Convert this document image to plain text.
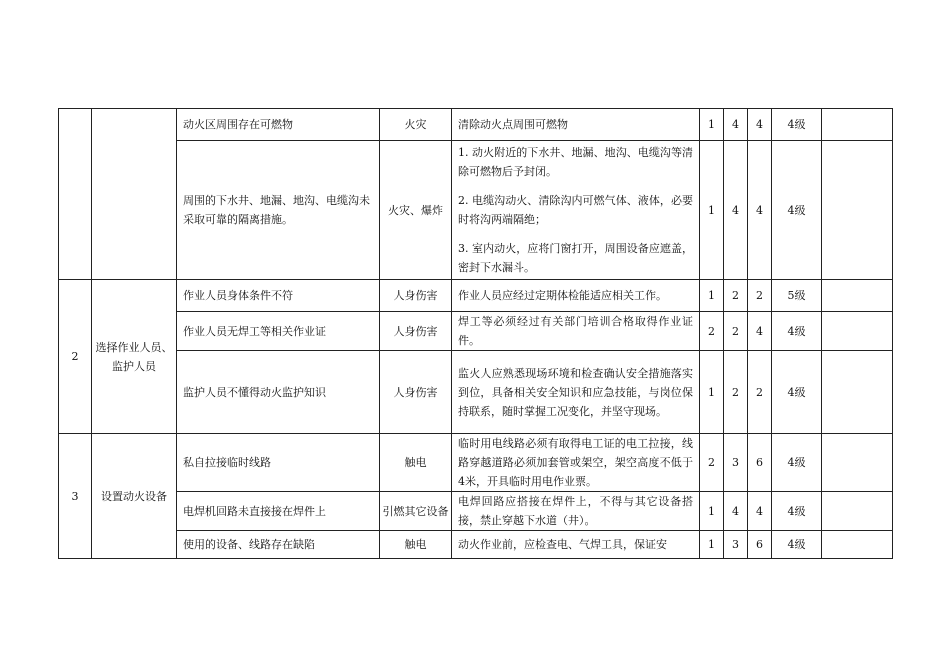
		动火区周围存在可燃物	火灾	清除动火点周围可燃物	1	4	4	4级	
		周围的下水井、地漏、地沟、电缆沟未采取可靠的隔离措施。	火灾、爆炸	1. 动火附近的下水井、地漏、地沟、电缆沟等清除可燃物后予封闭。
2. 电缆沟动火、清除沟内可燃气体、液体，必要时将沟两端隔绝；
3. 室内动火，应将门窗打开，周围设备应遮盖，密封下水漏斗。	1	4	4	4级	
2	选择作业人员、监护人员	作业人员身体条件不符	人身伤害	作业人员应经过定期体检能适应相关工作。	1	2	2	5级	
		作业人员无焊工等相关作业证	人身伤害	焊工等必须经过有关部门培训合格取得作业证件。	2	2	4	4级	
		监护人员不懂得动火监护知识	人身伤害	监火人应熟悉现场环境和检查确认安全措施落实到位，具备相关安全知识和应急技能，与岗位保持联系，随时掌握工况变化，并坚守现场。	1	2	2	4级	
3	设置动火设备	私自拉接临时线路	触电	临时用电线路必须有取得电工证的电工拉接，线路穿越道路必须加套管或架空，架空高度不低于4米，开具临时用电作业票。	2	3	6	4级	
		电焊机回路未直接接在焊件上	引燃其它设备	电焊回路应搭接在焊件上，不得与其它设备搭接，禁止穿越下水道（井）。	1	4	4	4级	
		使用的设备、线路存在缺陷	触电	动火作业前，应检查电、气焊工具，保证安	1	3	6	4级	
